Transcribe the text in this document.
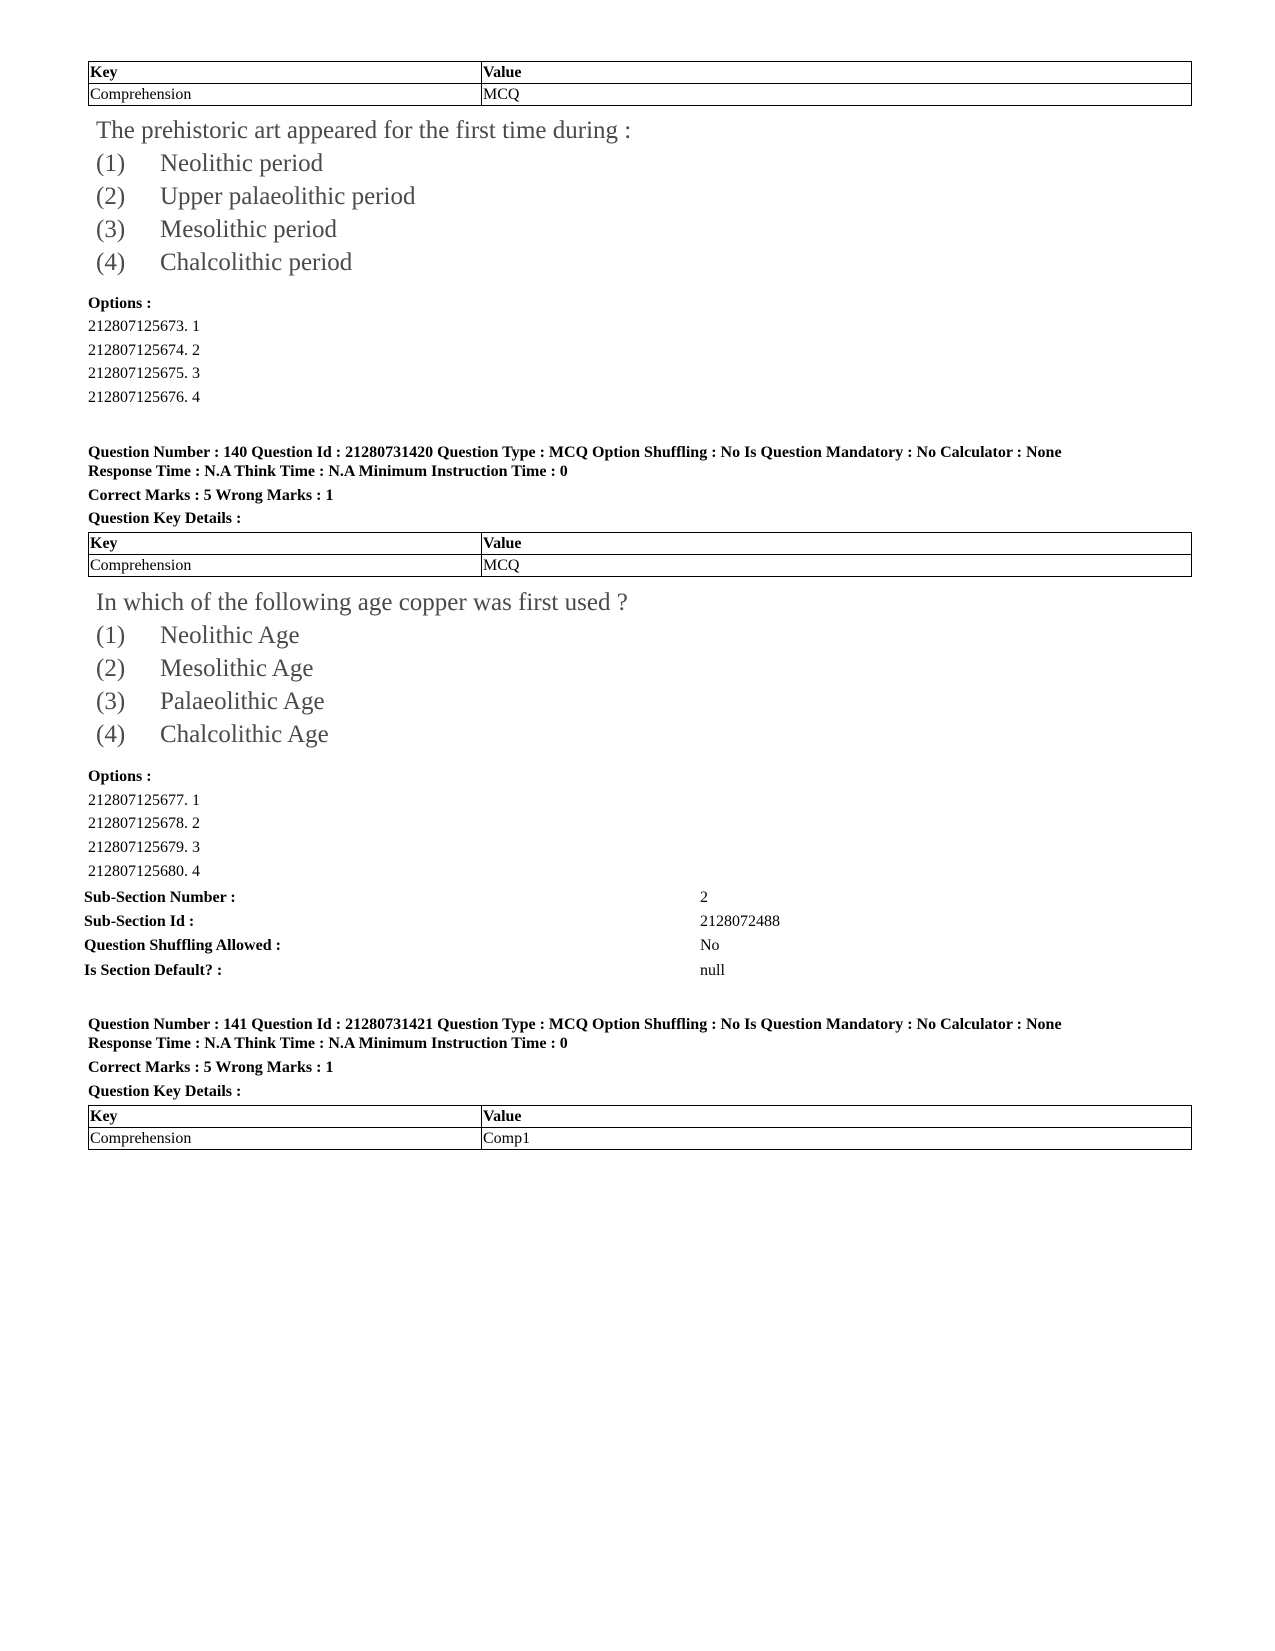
Key	Value
Comprehension	MCQ
The prehistoric art appeared for the first time during :
(1) Neolithic period
(2) Upper palaeolithic period
(3) Mesolithic period
(4) Chalcolithic period
Options :
212807125673. 1
212807125674. 2
212807125675. 3
212807125676. 4
Question Number : 140 Question Id : 21280731420 Question Type : MCQ Option Shuffling : No Is Question Mandatory : No Calculator : None
Response Time : N.A Think Time : N.A Minimum Instruction Time : 0
Correct Marks : 5 Wrong Marks : 1
Question Key Details :
Key	Value
Comprehension	MCQ
In which of the following age copper was first used ?
(1) Neolithic Age
(2) Mesolithic Age
(3) Palaeolithic Age
(4) Chalcolithic Age
Options :
212807125677. 1
212807125678. 2
212807125679. 3
212807125680. 4
Sub-Section Number :	2
Sub-Section Id :	2128072488
Question Shuffling Allowed :	No
Is Section Default? :	null
Question Number : 141 Question Id : 21280731421 Question Type : MCQ Option Shuffling : No Is Question Mandatory : No Calculator : None
Response Time : N.A Think Time : N.A Minimum Instruction Time : 0
Correct Marks : 5 Wrong Marks : 1
Question Key Details :
Key	Value
Comprehension	Comp1
